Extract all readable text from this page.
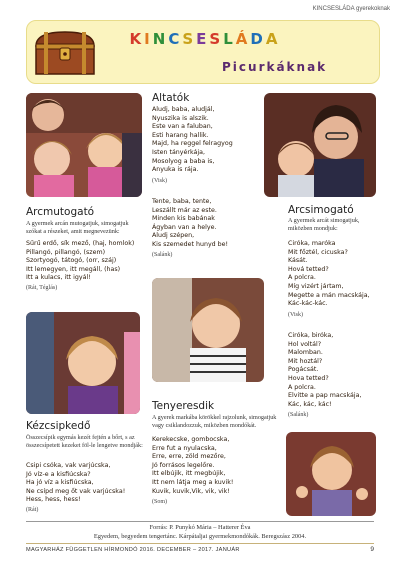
KINCSESLÁDA gyerekoknak
KINCSESLÁDA
Picurkáknak
Altatók
Aludj, baba, aludjál,
Nyuszika is alszik.
Este van a faluban,
Esti harang hallik.
Majd, ha reggel felragyog
Isten tányérkája,
Mosolyog a baba is,
Anyuka is rája.
(Visk)
Tente, baba, tente,
Leszállt már az este.
Minden kis babának
Ágyban van a helye.
Aludj szépen,
Kis szemedet hunyd be!
(Salánk)
Arcmutogató
A gyermek arcán mutogatjuk, simogatjuk szókat a részeket, amit megnevezünk:
Sűrű erdő, sík mező, (haj, homlok)
Pillangó, pillangó, (szem)
Szortyogó, tátogó, (orr, száj)
Itt lemegyen, itt megáll, (has)
Itt a kulacs, itt igyál!
(Rát, Téglás)
Arcsimogató
A gyermek arcát simogatjuk, miközben mondjuk:
Ciróka, maróka
Mit főztél, cicuska?
Kását.
Hová tetted?
A polcra.
Míg vizért jártam,
Megette a mán macskája,
Kác-kác-kác.
(Visk)
Ciróka, biróka,
Hol voltál?
Malomban.
Mit hoztál?
Pogácsát.
Hova tetted?
A polcra.
Elvitte a pap macskája,
Kác, kác, kác!
(Salánk)
Kézcsipkedő
Összecsípik egymás kezét fejtén a bőrt, s az összecsípetett kezeket föl-le lengetve mondják:
Csipi csóka, vak varjúcska,
Jó víz-e a kisfiúcska?
Ha jó víz a kisfiúcska,
Ne csípd meg őt vak varjúcska!
Hess, hess, hess!
(Rát)
Tenyeresdik
A gyerek markába körökkel rajzolunk, simogatjuk vagy csiklandozzuk, miközben mondókát.
Kerekecske, gombocska,
Erre fut a nyulacska,
Erre, erre, zöld mezőre,
Jó forrásos legelőre.
Itt elbújik, itt megbújik,
Itt nem látja meg a kuvik!
Kuvik, kuvik,Vik, vik, vik!
(Som)
Forrás: P. Punykó Mária – Hatterer Éva
Egyedem, begyedem tengertánc. Kárpátaljai gyermekmondókák. Beregszász 2004.
MAGYARHÁZ FÜGGETLEN HÍRMONDÓ 2016. DECEMBER – 2017. JANUÁR	9
